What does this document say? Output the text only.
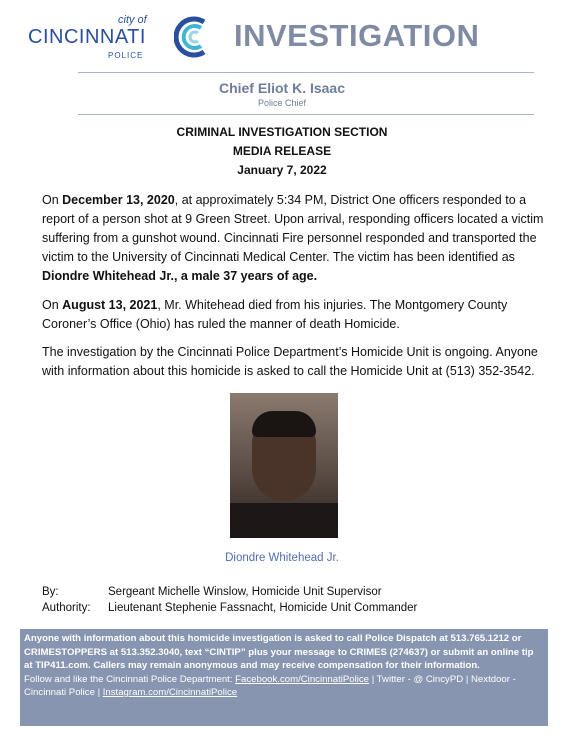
city of
CINCINNATI
POLICE
INVESTIGATION
Chief Eliot K. Isaac
Police Chief
CRIMINAL INVESTIGATION SECTION
MEDIA RELEASE
January 7, 2022

On December 13, 2020, at approximately 5:34 PM, District One officers responded to a report of a person shot at 9 Green Street. Upon arrival, responding officers located a victim suffering from a gunshot wound. Cincinnati Fire personnel responded and transported the victim to the University of Cincinnati Medical Center. The victim has been identified as Diondre Whitehead Jr., a male 37 years of age.

On August 13, 2021, Mr. Whitehead died from his injuries. The Montgomery County Coroner’s Office (Ohio) has ruled the manner of death Homicide.

The investigation by the Cincinnati Police Department’s Homicide Unit is ongoing. Anyone with information about this homicide is asked to call the Homicide Unit at (513) 352-3542.

Diondre Whitehead Jr.
By:	Sergeant Michelle Winslow, Homicide Unit Supervisor
Authority: Lieutenant Stephenie Fassnacht, Homicide Unit Commander
Anyone with information about this homicide investigation is asked to call Police Dispatch at 513.765.1212 or CRIMESTOPPERS at 513.352.3040, text “CINTIP” plus your message to CRIMES (274637) or submit an online tip at TIP411.com. Callers may remain anonymous and may receive compensation for their information.
Follow and like the Cincinnati Police Department: Facebook.com/CincinnatiPolice | Twitter - @ CincyPD | Nextdoor - Cincinnati Police | Instagram.com/CincinnatiPolice
